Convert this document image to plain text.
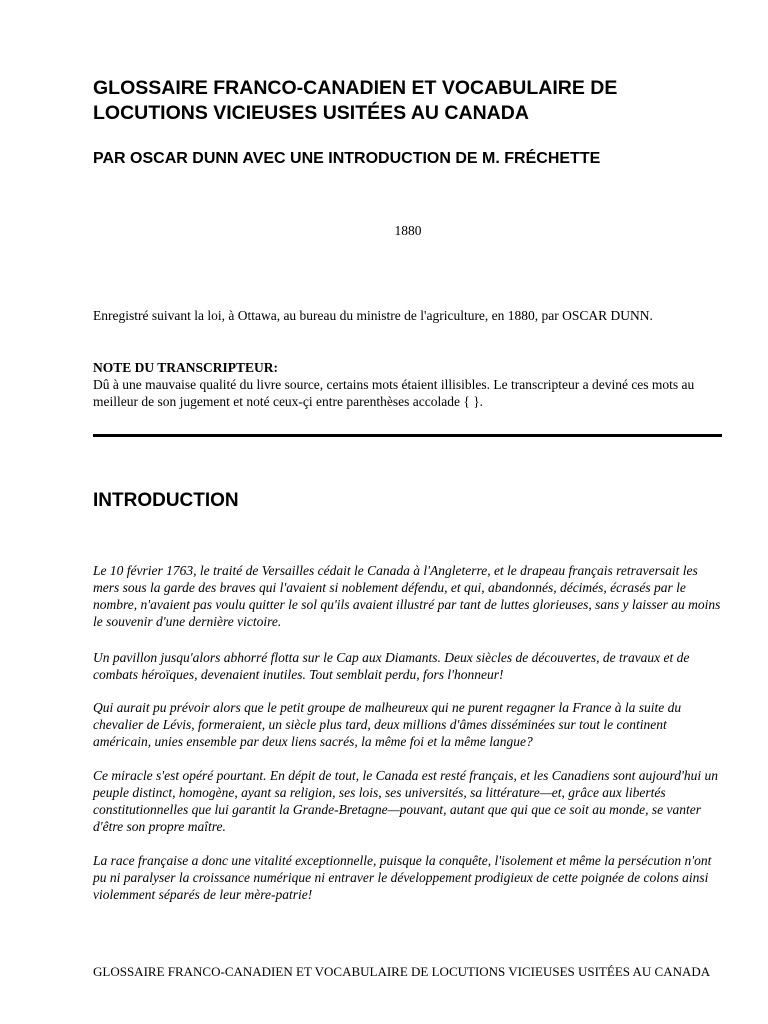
GLOSSAIRE FRANCO-CANADIEN ET VOCABULAIRE DE LOCUTIONS VICIEUSES USITÉES AU CANADA
PAR OSCAR DUNN AVEC UNE INTRODUCTION DE M. FRÉCHETTE
1880

Enregistré suivant la loi, à Ottawa, au bureau du ministre de l'agriculture, en 1880, par OSCAR DUNN.

NOTE DU TRANSCRIPTEUR:
Dû à une mauvaise qualité du livre source, certains mots étaient illisibles. Le transcripteur a deviné ces mots au meilleur de son jugement et noté ceux-çi entre parenthèses accolade { }.
INTRODUCTION

Le 10 février 1763, le traité de Versailles cédait le Canada à l'Angleterre, et le drapeau français retraversait les mers sous la garde des braves qui l'avaient si noblement défendu, et qui, abandonnés, décimés, écrasés par le nombre, n'avaient pas voulu quitter le sol qu'ils avaient illustré par tant de luttes glorieuses, sans y laisser au moins le souvenir d'une dernière victoire.

Un pavillon jusqu'alors abhorré flotta sur le Cap aux Diamants. Deux siècles de découvertes, de travaux et de combats héroïques, devenaient inutiles. Tout semblait perdu, fors l'honneur!

Qui aurait pu prévoir alors que le petit groupe de malheureux qui ne purent regagner la France à la suite du chevalier de Lévis, formeraient, un siècle plus tard, deux millions d'âmes disséminées sur tout le continent américain, unies ensemble par deux liens sacrés, la même foi et la même langue?

Ce miracle s'est opéré pourtant. En dépit de tout, le Canada est resté français, et les Canadiens sont aujourd'hui un peuple distinct, homogène, ayant sa religion, ses lois, ses universités, sa littérature—et, grâce aux libertés constitutionnelles que lui garantit la Grande-Bretagne—pouvant, autant que qui que ce soit au monde, se vanter d'être son propre maître.

La race française a donc une vitalité exceptionnelle, puisque la conquête, l'isolement et même la persécution n'ont pu ni paralyser la croissance numérique ni entraver le développement prodigieux de cette poignée de colons ainsi violemment séparés de leur mère-patrie!

GLOSSAIRE FRANCO-CANADIEN ET VOCABULAIRE DE LOCUTIONS VICIEUSES USITÉES AU CANADA
